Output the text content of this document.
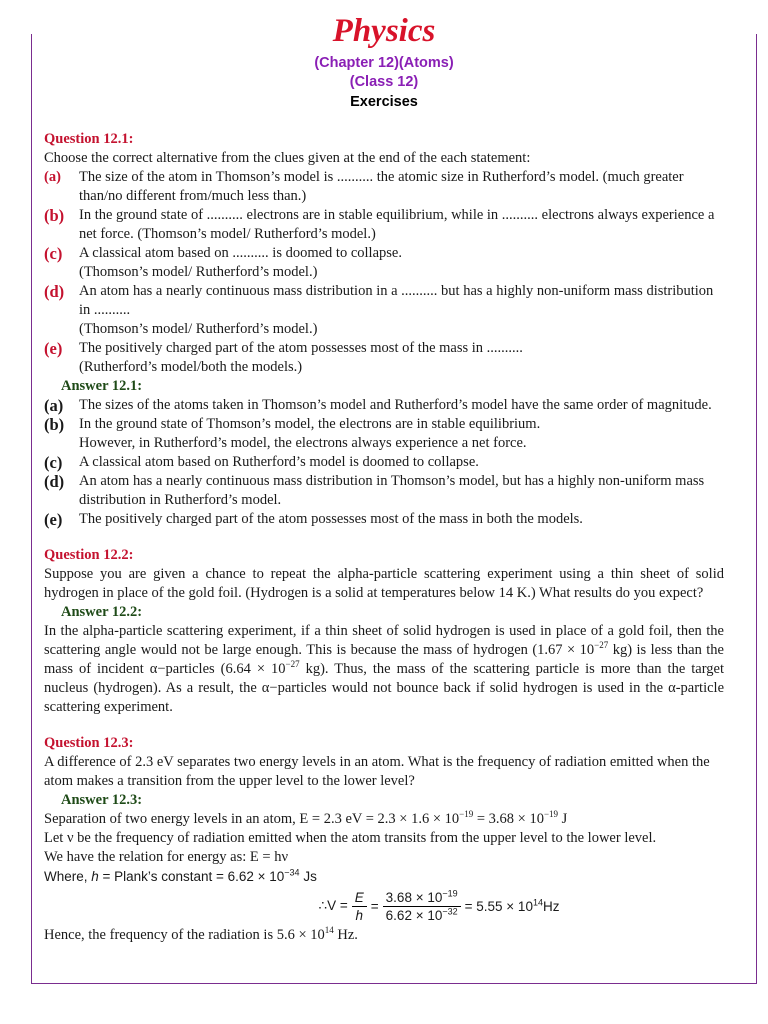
Physics
(Chapter 12)(Atoms)
(Class 12)
Exercises
Question 12.1:
Choose the correct alternative from the clues given at the end of the each statement:
(a)	The size of the atom in Thomson’s model is .......... the atomic size in Rutherford’s model. (much greater than/no different from/much less than.)
(b)	In the ground state of .......... electrons are in stable equilibrium, while in .......... electrons always experience a net force. (Thomson’s model/ Rutherford’s model.)
(c)	A classical atom based on .......... is doomed to collapse.
(Thomson’s model/ Rutherford’s model.)
(d)	An atom has a nearly continuous mass distribution in a .......... but has a highly non-uniform mass distribution in ..........
(Thomson’s model/ Rutherford’s model.)
(e)	The positively charged part of the atom possesses most of the mass in ..........
(Rutherford’s model/both the models.)
Answer 12.1:
(a)	The sizes of the atoms taken in Thomson’s model and Rutherford’s model have the same order of magnitude.
(b)	In the ground state of Thomson’s model, the electrons are in stable equilibrium.
However, in Rutherford’s model, the electrons always experience a net force.
(c)	A classical atom based on Rutherford’s model is doomed to collapse.
(d)	An atom has a nearly continuous mass distribution in Thomson’s model, but has a highly non-uniform mass distribution in Rutherford’s model.
(e)	The positively charged part of the atom possesses most of the mass in both the models.
Question 12.2:
Suppose you are given a chance to repeat the alpha-particle scattering experiment using a thin sheet of solid hydrogen in place of the gold foil. (Hydrogen is a solid at temperatures below 14 K.) What results do you expect?
Answer 12.2:
In the alpha-particle scattering experiment, if a thin sheet of solid hydrogen is used in place of a gold foil, then the scattering angle would not be large enough. This is because the mass of hydrogen ($1.67 \times 10^{-27}$ kg) is less than the mass of incident α−particles ($6.64 \times 10^{-27}$ kg). Thus, the mass of the scattering particle is more than the target nucleus (hydrogen). As a result, the α−particles would not bounce back if solid hydrogen is used in the α-particle scattering experiment.
Question 12.3:
A difference of 2.3 eV separates two energy levels in an atom. What is the frequency of radiation emitted when the atom makes a transition from the upper level to the lower level?
Answer 12.3:
Separation of two energy levels in an atom, E = 2.3 eV = $2.3 \times 1.6 \times 10^{-19} = 3.68 \times 10^{-19}$ J
Let ν be the frequency of radiation emitted when the atom transits from the upper level to the lower level.
We have the relation for energy as: E = hν
Where, h = Plank’s constant = $6.62 \times 10^{-34}$ Js
∴V = $\frac{E}{h} = \frac{3.68 \times 10^{-19}}{6.62 \times 10^{-32}} = 5.55 \times 10^{14}Hz$
Hence, the frequency of the radiation is $5.6 \times 10^{14}$ Hz.
